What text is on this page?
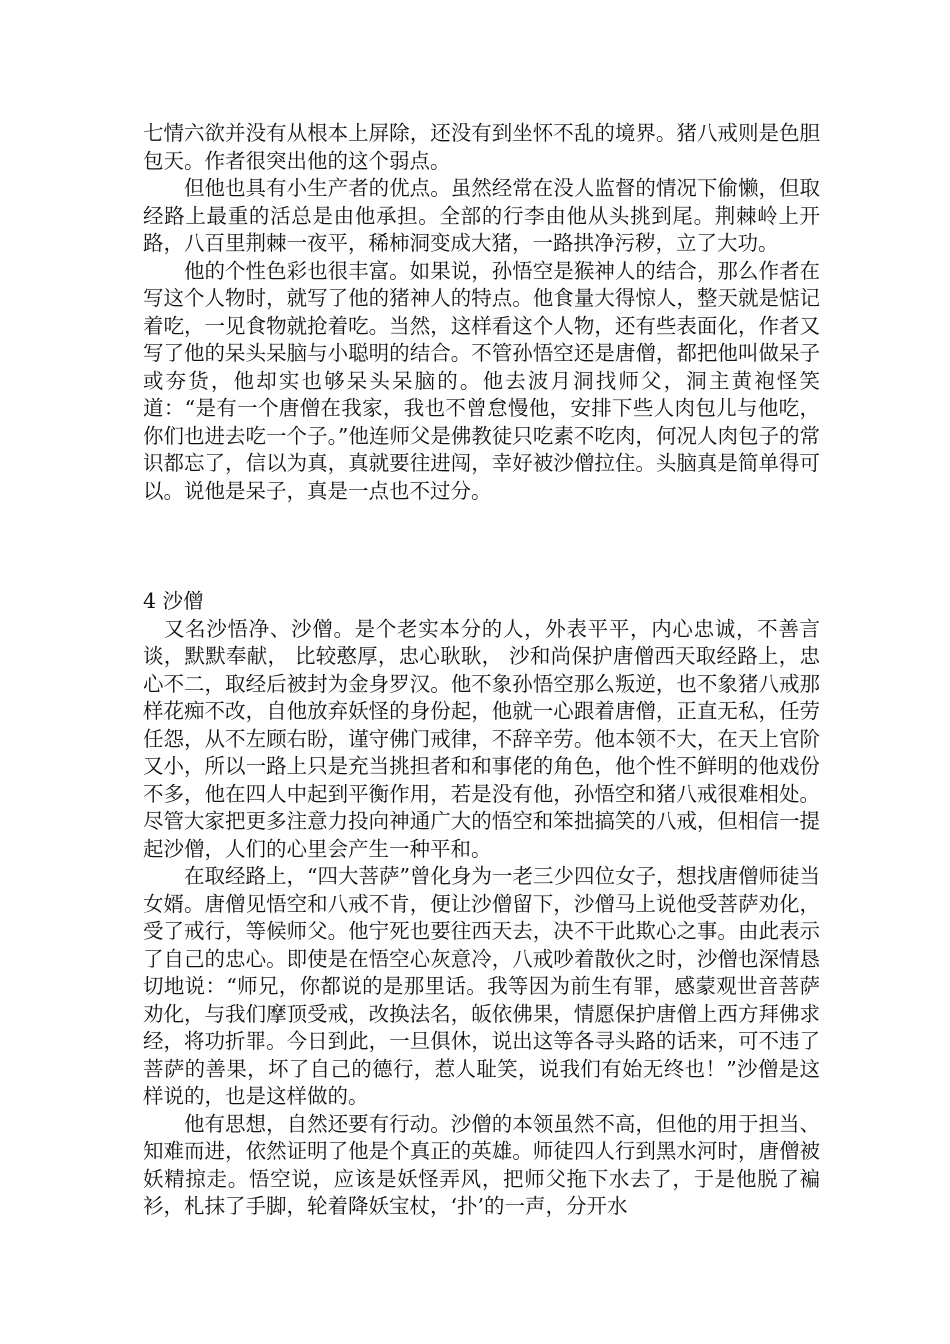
七情六欲并没有从根本上屏除，还没有到坐怀不乱的境界。猪八戒则是色胆包天。作者很突出他的这个弱点。

但他也具有小生产者的优点。虽然经常在没人监督的情况下偷懒，但取经路上最重的活总是由他承担。全部的行李由他从头挑到尾。荆棘岭上开路，八百里荆棘一夜平，稀柿洞变成大猪，一路拱净污秽，立了大功。

他的个性色彩也很丰富。如果说，孙悟空是猴神人的结合，那么作者在写这个人物时，就写了他的猪神人的特点。他食量大得惊人，整天就是惦记着吃，一见食物就抢着吃。当然，这样看这个人物，还有些表面化，作者又写了他的呆头呆脑与小聪明的结合。不管孙悟空还是唐僧，都把他叫做呆子或夯货，他却实也够呆头呆脑的。他去波月洞找师父，洞主黄袍怪笑道：“是有一个唐僧在我家，我也不曾怠慢他，安排下些人肉包儿与他吃，你们也进去吃一个子。”他连师父是佛教徒只吃素不吃肉，何况人肉包子的常识都忘了，信以为真，真就要往进闯，幸好被沙僧拉住。头脑真是简单得可以。说他是呆子，真是一点也不过分。

4 沙僧

又名沙悟净、沙僧。是个老实本分的人，外表平平，内心忠诚，不善言谈，默默奉献， 比较憨厚，忠心耿耿， 沙和尚保护唐僧西天取经路上，忠心不二，取经后被封为金身罗汉。他不象孙悟空那么叛逆，也不象猪八戒那样花痴不改，自他放弃妖怪的身份起，他就一心跟着唐僧，正直无私，任劳任怨，从不左顾右盼，谨守佛门戒律，不辞辛劳。他本领不大，在天上官阶又小，所以一路上只是充当挑担者和和事佬的角色，他个性不鲜明的他戏份不多，他在四人中起到平衡作用，若是没有他，孙悟空和猪八戒很难相处。尽管大家把更多注意力投向神通广大的悟空和笨拙搞笑的八戒，但相信一提起沙僧，人们的心里会产生一种平和。

在取经路上，“四大菩萨”曾化身为一老三少四位女子，想找唐僧师徒当女婿。唐僧见悟空和八戒不肯，便让沙僧留下，沙僧马上说他受菩萨劝化，受了戒行，等候师父。他宁死也要往西天去，决不干此欺心之事。由此表示了自己的忠心。即使是在悟空心灰意冷，八戒吵着散伙之时，沙僧也深情恳切地说：“师兄，你都说的是那里话。我等因为前生有罪，感蒙观世音菩萨劝化，与我们摩顶受戒，改换法名，皈依佛果，情愿保护唐僧上西方拜佛求经，将功折罪。今日到此，一旦俱休，说出这等各寻头路的话来，可不违了菩萨的善果，坏了自己的德行，惹人耻笑，说我们有始无终也！”沙僧是这样说的，也是这样做的。

他有思想，自然还要有行动。沙僧的本领虽然不高，但他的用于担当、知难而进，依然证明了他是个真正的英雄。师徒四人行到黑水河时，唐僧被妖精掠走。悟空说，应该是妖怪弄风，把师父拖下水去了，于是他脱了褊衫，札抹了手脚，轮着降妖宝杖，‘扑’的一声，分开水
